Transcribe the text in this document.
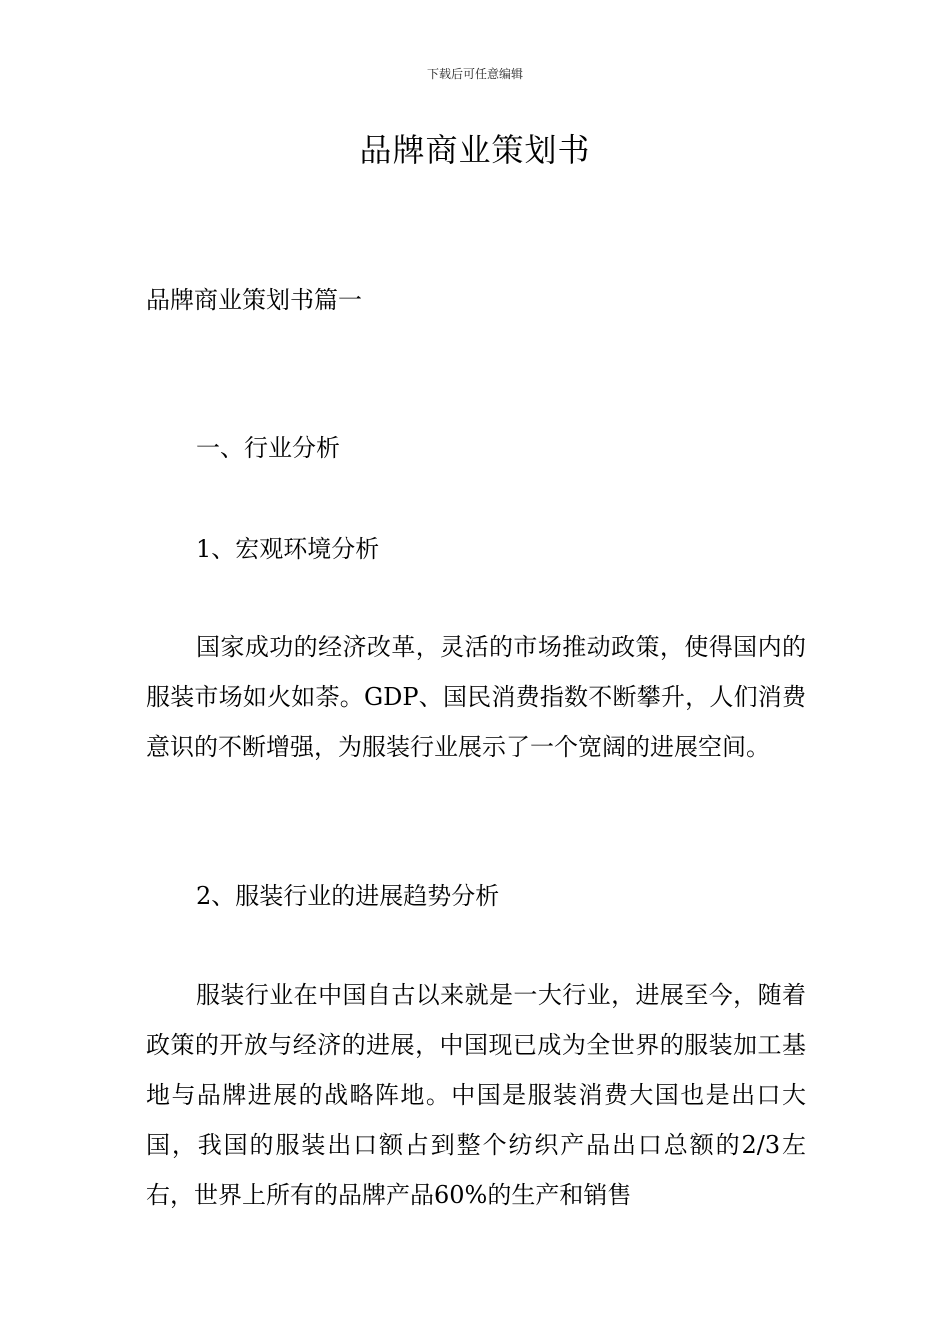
下载后可任意编辑
品牌商业策划书
品牌商业策划书篇一
一、行业分析
1、宏观环境分析
国家成功的经济改革，灵活的市场推动政策，使得国内的服装市场如火如荼。GDP、国民消费指数不断攀升，人们消费意识的不断增强，为服装行业展示了一个宽阔的进展空间。
2、服装行业的进展趋势分析
服装行业在中国自古以来就是一大行业，进展至今，随着政策的开放与经济的进展，中国现已成为全世界的服装加工基地与品牌进展的战略阵地。中国是服装消费大国也是出口大国，我国的服装出口额占到整个纺织产品出口总额的2/3左右，世界上所有的品牌产品60%的生产和销售
